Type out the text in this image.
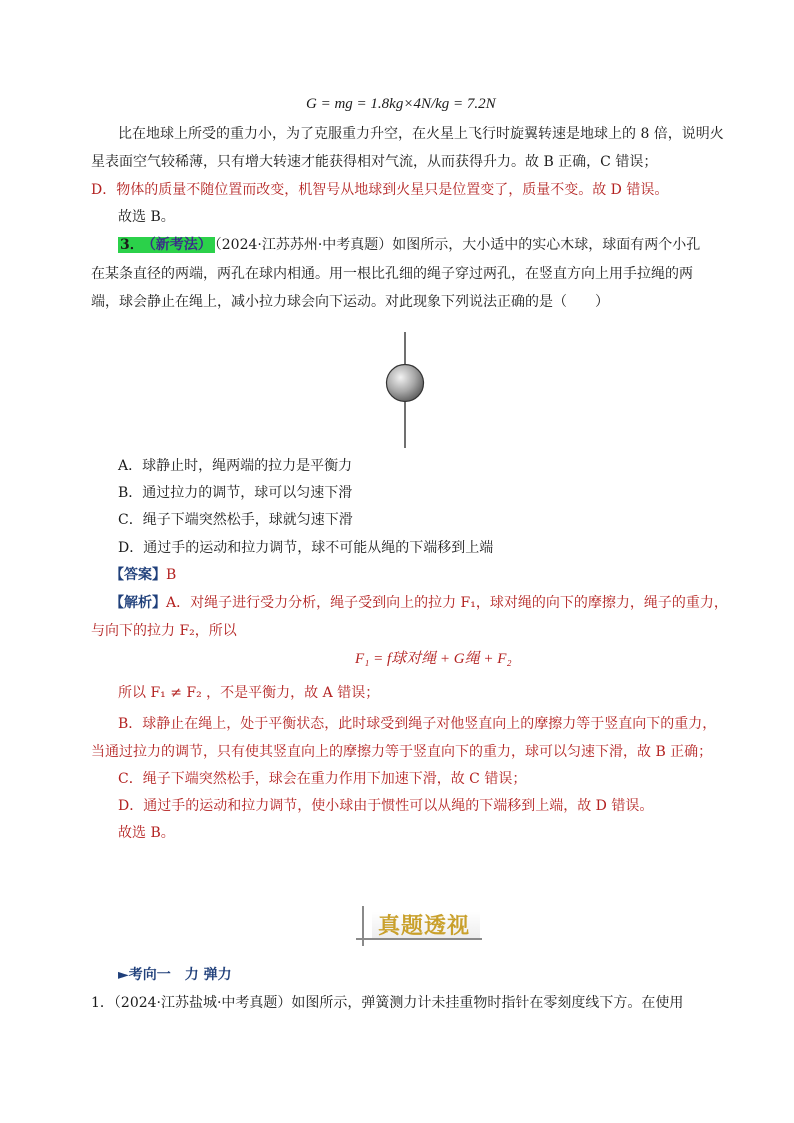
G = mg = 1.8kg×4N/kg = 7.2N
比在地球上所受的重力小，为了克服重力升空，在火星上飞行时旋翼转速是地球上的 8 倍，说明火
星表面空气较稀薄，只有增大转速才能获得相对气流，从而获得升力。故 B 正确，C 错误；
D．物体的质量不随位置而改变，机智号从地球到火星只是位置变了，质量不变。故 D 错误。
故选 B。
3． （新考法） （2024·江苏苏州·中考真题）如图所示，大小适中的实心木球，球面有两个小孔
在某条直径的两端，两孔在球内相通。用一根比孔细的绳子穿过两孔，在竖直方向上用手拉绳的两
端，球会静止在绳上，减小拉力球会向下运动。对此现象下列说法正确的是（　　）
A．球静止时，绳两端的拉力是平衡力
B．通过拉力的调节，球可以匀速下滑
C．绳子下端突然松手，球就匀速下滑
D．通过手的运动和拉力调节，球不可能从绳的下端移到上端
【答案】B
【解析】A．对绳子进行受力分析，绳子受到向上的拉力 F₁，球对绳的向下的摩擦力，绳子的重力，
与向下的拉力 F₂，所以
F₁ = f球对绳 + G绳 + F₂
所以 F₁ ≠ F₂ ，不是平衡力，故 A 错误；
B．球静止在绳上，处于平衡状态，此时球受到绳子对他竖直向上的摩擦力等于竖直向下的重力，
当通过拉力的调节，只有使其竖直向上的摩擦力等于竖直向下的重力，球可以匀速下滑，故 B 正确；
C．绳子下端突然松手，球会在重力作用下加速下滑，故 C 错误；
D．通过手的运动和拉力调节，使小球由于惯性可以从绳的下端移到上端，故 D 错误。
故选 B。
真题透视
►考向一　力 弹力
1．（2024·江苏盐城·中考真题）如图所示，弹簧测力计未挂重物时指针在零刻度线下方。在使用
